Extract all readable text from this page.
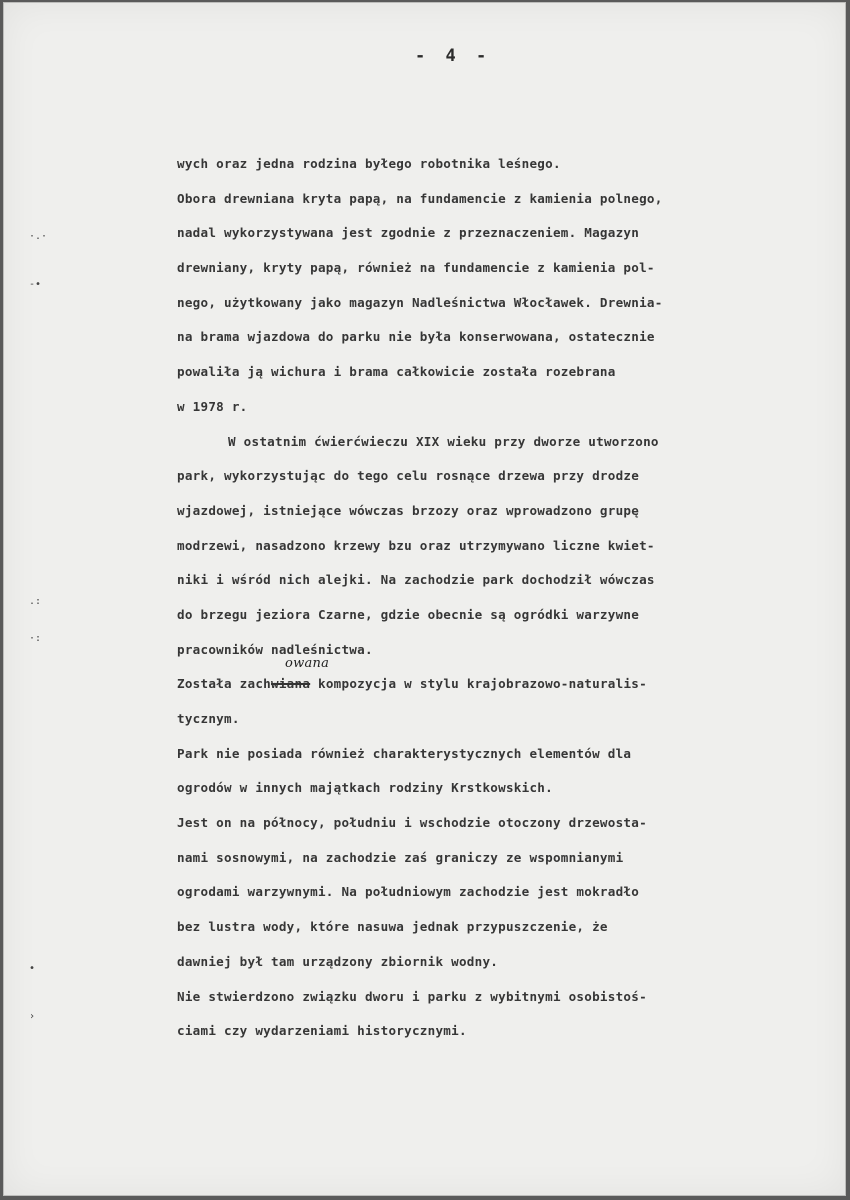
- 4 -
·.·
-•
.:
·:
•
›
wych oraz jedna rodzina byłego robotnika leśnego.
Obora drewniana kryta papą, na fundamencie z kamienia polnego,
nadal wykorzystywana jest zgodnie z przeznaczeniem. Magazyn
drewniany, kryty papą, również na fundamencie z kamienia pol-
nego, użytkowany jako magazyn Nadleśnictwa Włocławek. Drewnia-
na brama wjazdowa do parku nie była konserwowana, ostatecznie
powaliła ją wichura i brama całkowicie została rozebrana
w 1978 r.
W ostatnim ćwierćwieczu XIX wieku przy dworze utworzono
park, wykorzystując do tego celu rosnące drzewa przy drodze
wjazdowej, istniejące wówczas brzozy oraz wprowadzono grupę
modrzewi, nasadzono krzewy bzu oraz utrzymywano liczne kwiet-
niki i wśród nich alejki. Na zachodzie park dochodził wówczas
do brzegu jeziora Czarne, gdzie obecnie są ogródki warzywne
pracowników nadleśnictwa.
Została zach
owana
wiana kompozycja w stylu krajobrazowo-naturalis-
tycznym.
Park nie posiada również charakterystycznych elementów dla
ogrodów w innych majątkach rodziny Krstkowskich.
Jest on na północy, południu i wschodzie otoczony drzewosta-
nami sosnowymi, na zachodzie zaś graniczy ze wspomnianymi
ogrodami warzywnymi. Na południowym zachodzie jest mokradło
bez lustra wody, które nasuwa jednak przypuszczenie, że
dawniej był tam urządzony zbiornik wodny.
Nie stwierdzono związku dworu i parku z wybitnymi osobistoś-
ciami czy wydarzeniami historycznymi.
